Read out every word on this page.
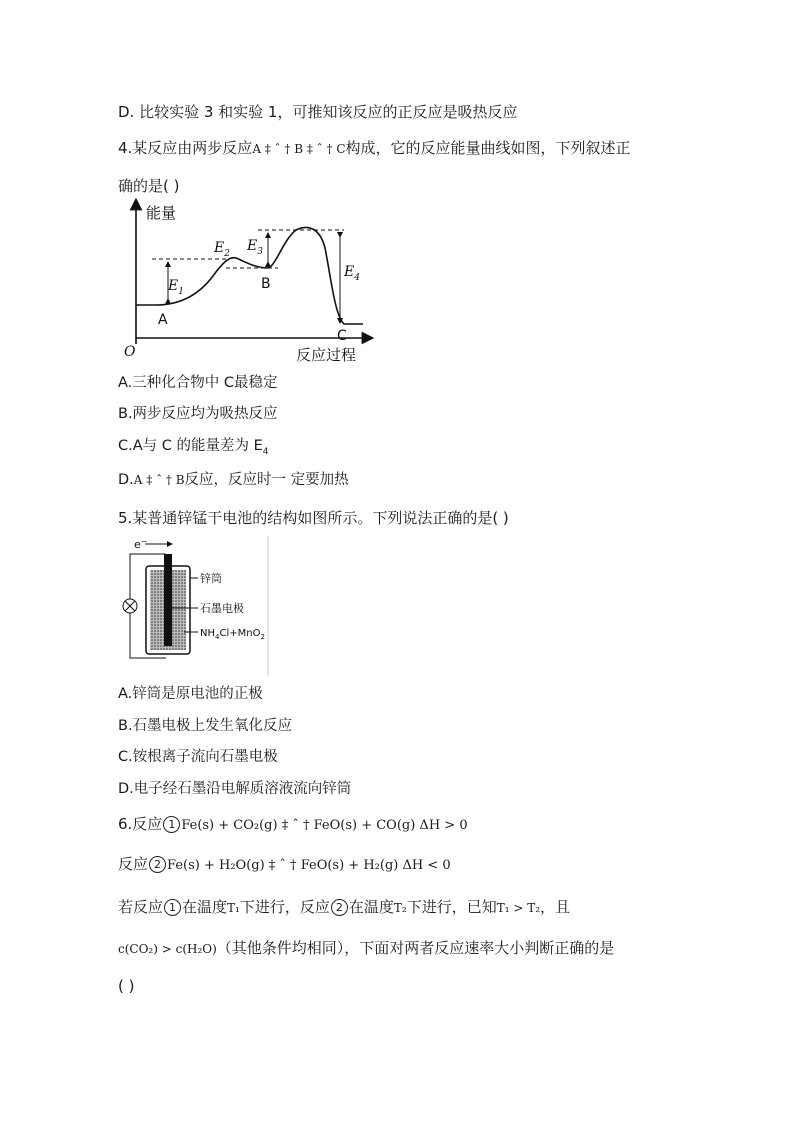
D. 比较实验 3 和实验 1，可推知该反应的正反应是吸热反应
4.某反应由两步反应A ‡ ˆ † B ‡ ˆ † C构成，它的反应能量曲线如图，下列叙述正
确的是( )
能量
反应过程
O
$E_1$
$E_2$ $E_3$
$E_4$
A
B
C
A.三种化合物中 C最稳定
B.两步反应均为吸热反应
C.A与 C 的能量差为 $E_4$
D.A ‡ ˆ † B反应，反应时一 定要加热
5.某普通锌锰干电池的结构如图所示。下列说法正确的是( )
e−
锌筒
石墨电极
$NH_4Cl+MnO_2$
A.锌筒是原电池的正极
B.石墨电极上发生氧化反应
C.铵根离子流向石墨电极
D.电子经石墨沿电解质溶液流向锌筒
6.反应 1 Fe(s) + CO₂(g) ‡ ˆ † FeO(s) + CO(g) ΔH > 0
反应 2 Fe(s) + H₂O(g) ‡ ˆ † FeO(s) + H₂(g) ΔH < 0
若反应 1 在温度T₁下进行，反应 2 在温度T₂下进行，已知T₁ > T₂，且
c(CO₂) > c(H₂O)（其他条件均相同），下面对两者反应速率大小判断正确的是
( )
